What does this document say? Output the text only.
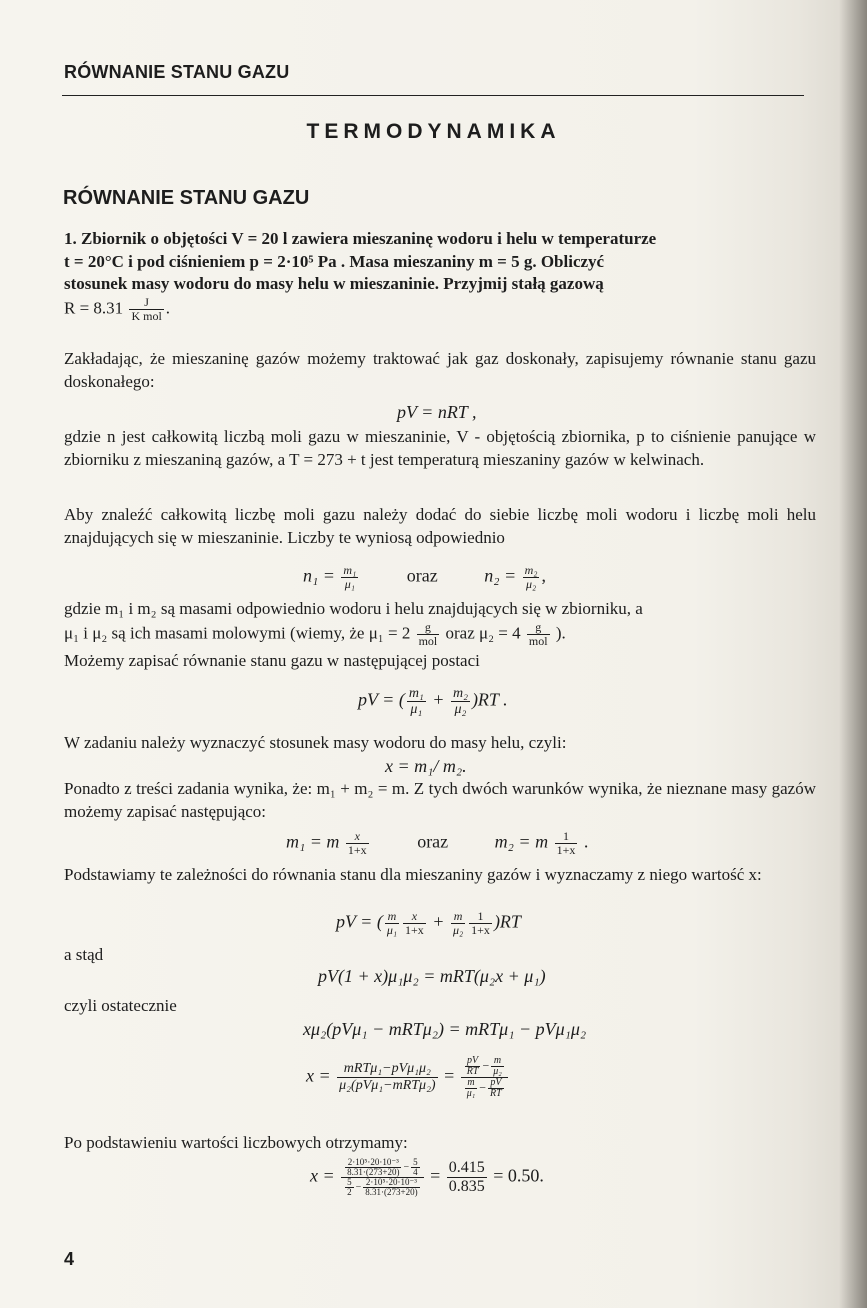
RÓWNANIE STANU GAZU
TERMODYNAMIKA
RÓWNANIE STANU GAZU
1. Zbiornik o objętości V = 20 l zawiera mieszaninę wodoru i helu w temperaturze
t = 20°C i pod ciśnieniem p = 2·10⁵ Pa . Masa mieszaniny m = 5 g. Obliczyć
stosunek masy wodoru do masy helu w mieszaninie. Przyjmij stałą gazową
$R = 8.31 \frac{J}{\text{K mol}}$ .
Zakładając, że mieszaninę gazów możemy traktować jak gaz doskonały, zapisujemy równanie stanu gazu doskonałego:
pV = nRT ,
gdzie n jest całkowitą liczbą moli gazu w mieszaninie, V - objętością zbiornika, p to ciśnienie panujące w zbiorniku z mieszaniną gazów, a T = 273 + t jest temperaturą mieszaniny gazów w kelwinach.
Aby znaleźć całkowitą liczbę moli gazu należy dodać do siebie liczbę moli wodoru i liczbę moli helu znajdujących się w mieszaninie. Liczby te wyniosą odpowiednio
$n_1 = \frac{\text{m₁}}{\text{μ₁}}$	oraz	$n_2 = \frac{\text{m₂}}{\text{μ₂}}$ ,
gdzie m₁ i m₂ są masami odpowiednio wodoru i helu znajdujących się w zbiorniku, a
μ₁ i μ₂ są ich masami molowymi (wiemy, że $\mu_1 = 2 \frac{g}{\text{mol}}$ oraz $\mu_2 = 4 \frac{g}{\text{mol}}$ ).
Możemy zapisać równanie stanu gazu w następującej postaci
pV = ( $\frac{\text{m₁}}{\text{μ₁}} + \frac{\text{m₂}}{\text{μ₂}} )RT$ .
W zadaniu należy wyznaczyć stosunek masy wodoru do masy helu, czyli:
x = m₁/ m₂.
Ponadto z treści zadania wynika, że: m₁ + m₂ = m. Z tych dwóch warunków wynika, że nieznane masy gazów możemy zapisać następująco:
m₁ = m $\frac{x}{1+x}$	oraz	m₂ = m $\frac{1}{1+x}$ .
Podstawiamy te zależności do równania stanu dla mieszaniny gazów i wyznaczamy z niego wartość x:
pV = ( $\frac{m}{\text{μ₁}} \frac{x}{1+x} + \frac{m}{\text{μ₂}} \frac{1}{1+x} )RT$
a stąd
pV(1 + x)μ₁μ₂ = mRT(μ₂x + μ₁)
czyli ostatecznie
xμ₂(pVμ₁ − mRTμ₂) = mRTμ₁ − pVμ₁μ₂
$x = \frac{\text{mRTμ₁−pVμ₁μ₂}}{\text{μ₂(pVμ₁−mRTμ₂)}} = \frac{\frac{pV}{RT} - \frac{m}{\text{μ₂}}}{\frac{m}{\text{μ₁}} - \frac{pV}{RT}}$
Po podstawieniu wartości liczbowych otrzymamy:
$x = \frac{\frac{\text{2·10⁵·20·10⁻³}}{8.31\cdot(273+20)} - \frac{5}{4}}{\frac{5}{2} - \frac{\text{2·10⁵·20·10⁻³}}{8.31\cdot(273+20)}} = \frac{0.415}{0.835} = 0.50$.
4
